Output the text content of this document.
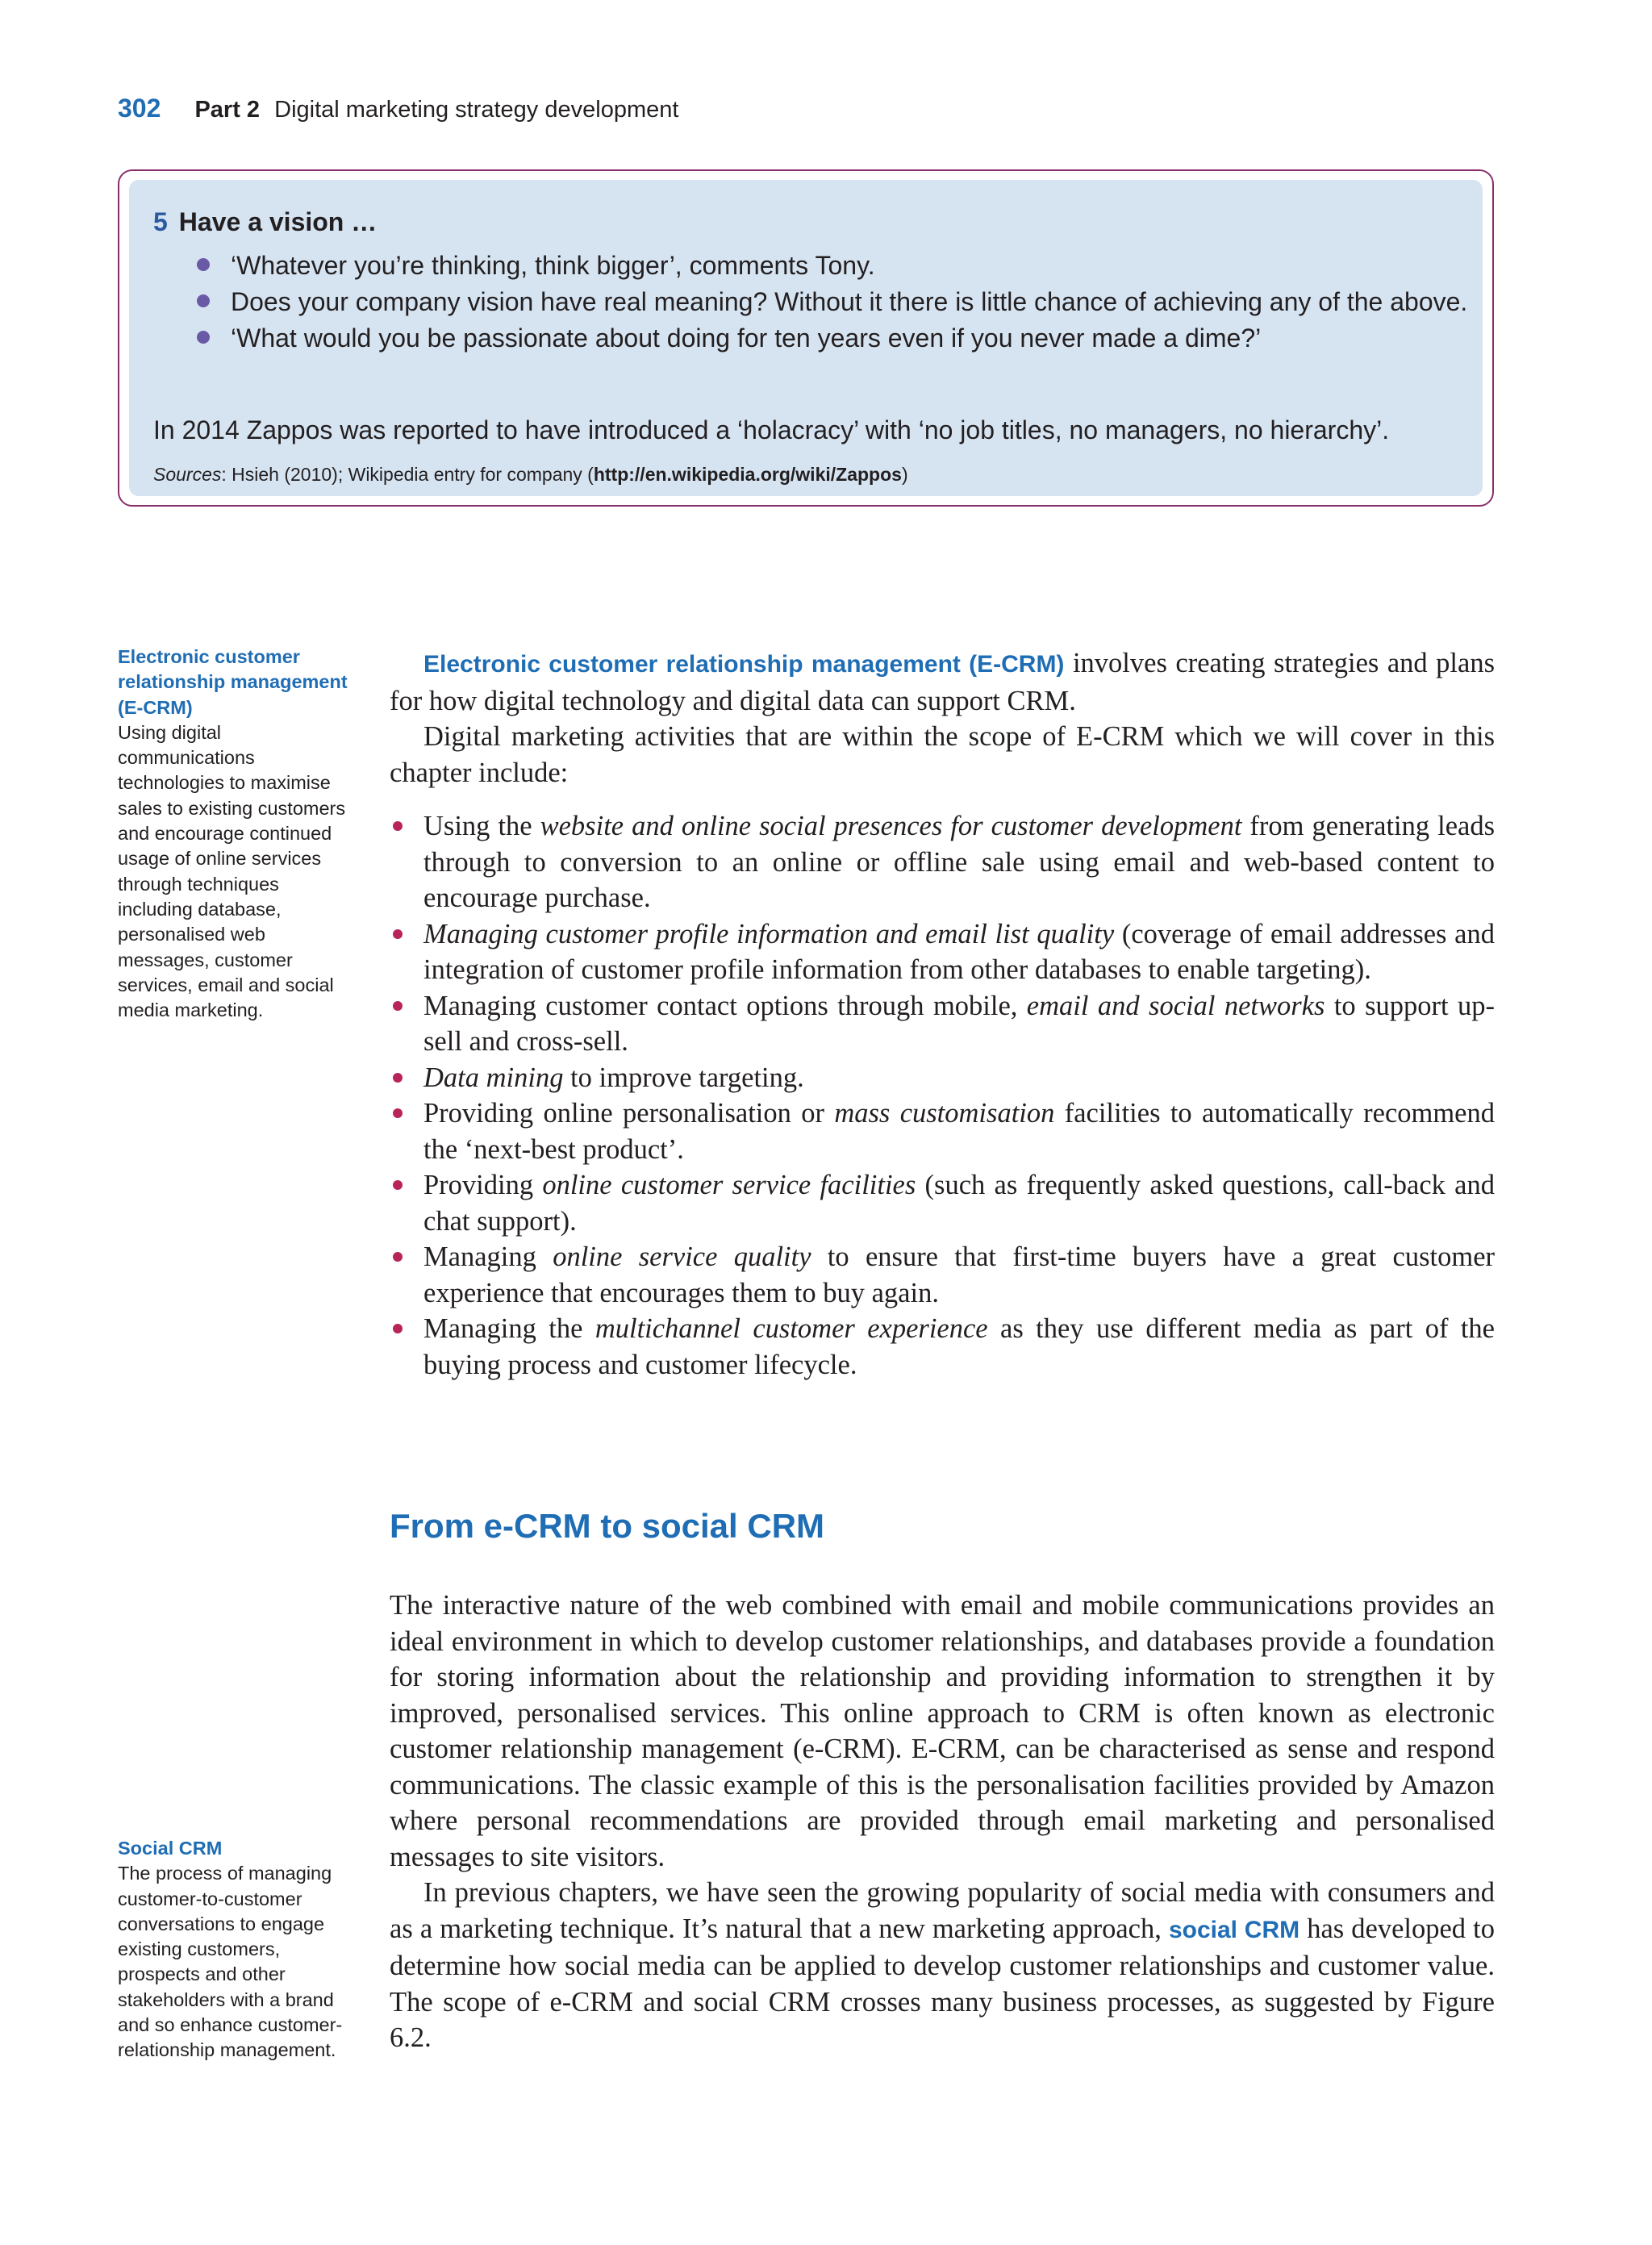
302 Part 2 Digital marketing strategy development
5 Have a vision …
‘Whatever you’re thinking, think bigger’, comments Tony.
Does your company vision have real meaning? Without it there is little chance of achieving any of the above.
‘What would you be passionate about doing for ten years even if you never made a dime?’
In 2014 Zappos was reported to have introduced a ‘holacracy’ with ‘no job titles, no managers, no hierarchy’.
Sources: Hsieh (2010); Wikipedia entry for company (http://en.wikipedia.org/wiki/Zappos)
Electronic customer relationship management (E-CRM)
Using digital communications technologies to maximise sales to existing customers and encourage continued usage of online services through techniques including database, personalised web messages, customer services, email and social media marketing.
Social CRM
The process of managing customer-to-customer conversations to engage existing customers, prospects and other stakeholders with a brand and so enhance customer-relationship management.

Electronic customer relationship management (E-CRM) involves creating strategies and plans for how digital technology and digital data can support CRM.

Digital marketing activities that are within the scope of E-CRM which we will cover in this chapter include:

Using the website and online social presences for customer development from generating leads through to conversion to an online or offline sale using email and web-based content to encourage purchase.
Managing customer profile information and email list quality (coverage of email addresses and integration of customer profile information from other databases to enable targeting).
Managing customer contact options through mobile, email and social networks to support up-sell and cross-sell.
Data mining to improve targeting.
Providing online personalisation or mass customisation facilities to automatically recommend the ‘next-best product’.
Providing online customer service facilities (such as frequently asked questions, call-back and chat support).
Managing online service quality to ensure that first-time buyers have a great customer experience that encourages them to buy again.
Managing the multichannel customer experience as they use different media as part of the buying process and customer lifecycle.
From e-CRM to social CRM

The interactive nature of the web combined with email and mobile communications provides an ideal environment in which to develop customer relationships, and databases provide a foundation for storing information about the relationship and providing information to strengthen it by improved, personalised services. This online approach to CRM is often known as electronic customer relationship management (e-CRM). E-CRM, can be characterised as sense and respond communications. The classic example of this is the personalisation facilities provided by Amazon where personal recommendations are provided through email marketing and personalised messages to site visitors.

In previous chapters, we have seen the growing popularity of social media with consumers and as a marketing technique. It’s natural that a new marketing approach, social CRM has developed to determine how social media can be applied to develop customer relationships and customer value. The scope of e-CRM and social CRM crosses many business processes, as suggested by Figure 6.2.
